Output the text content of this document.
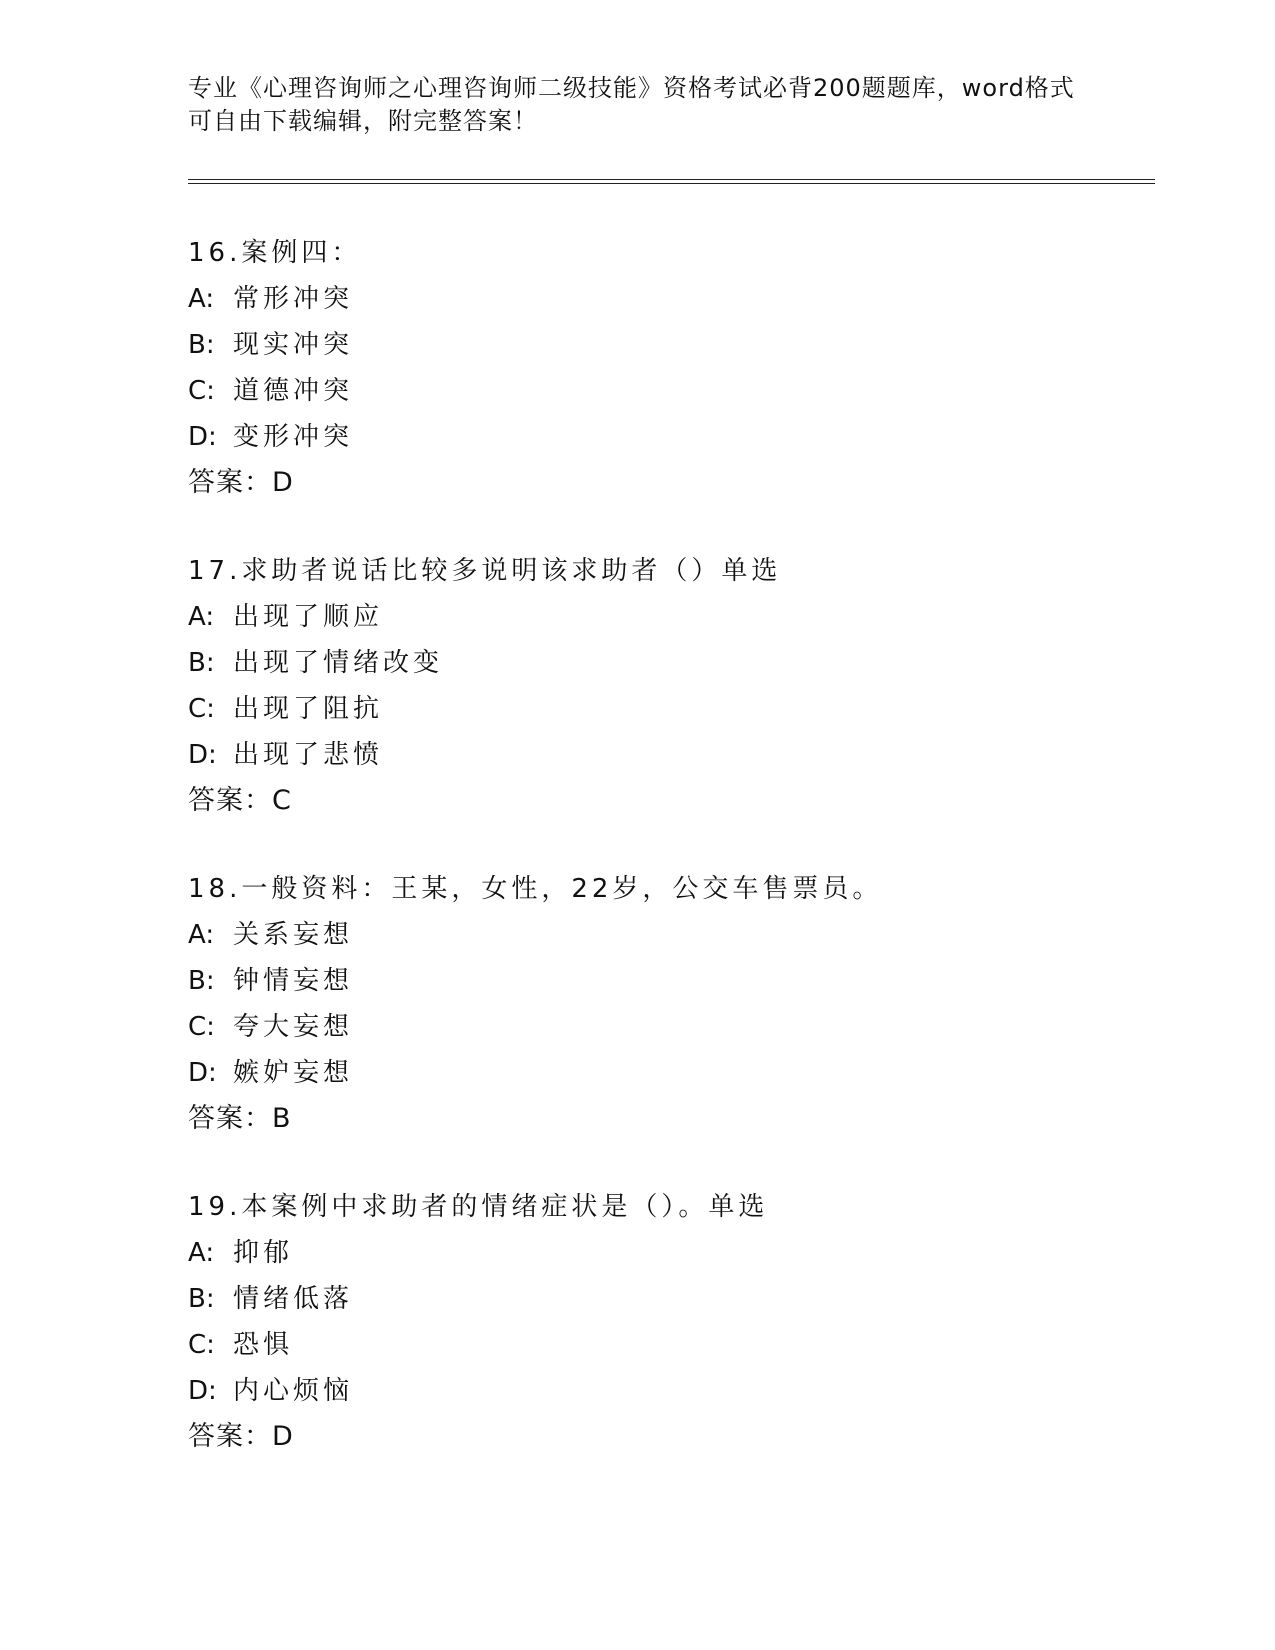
专业《心理咨询师之心理咨询师二级技能》资格考试必背200题题库，word格式
可自由下载编辑，附完整答案！
16.案例四：
A: 常形冲突
B: 现实冲突
C: 道德冲突
D: 变形冲突
答案：D
17.求助者说话比较多说明该求助者（）单选
A: 出现了顺应
B: 出现了情绪改变
C: 出现了阻抗
D: 出现了悲愤
答案：C
18.一般资料：王某，女性，22岁，公交车售票员。
A: 关系妄想
B: 钟情妄想
C: 夸大妄想
D: 嫉妒妄想
答案：B
19.本案例中求助者的情绪症状是（）。单选
A: 抑郁
B: 情绪低落
C: 恐惧
D: 内心烦恼
答案：D
